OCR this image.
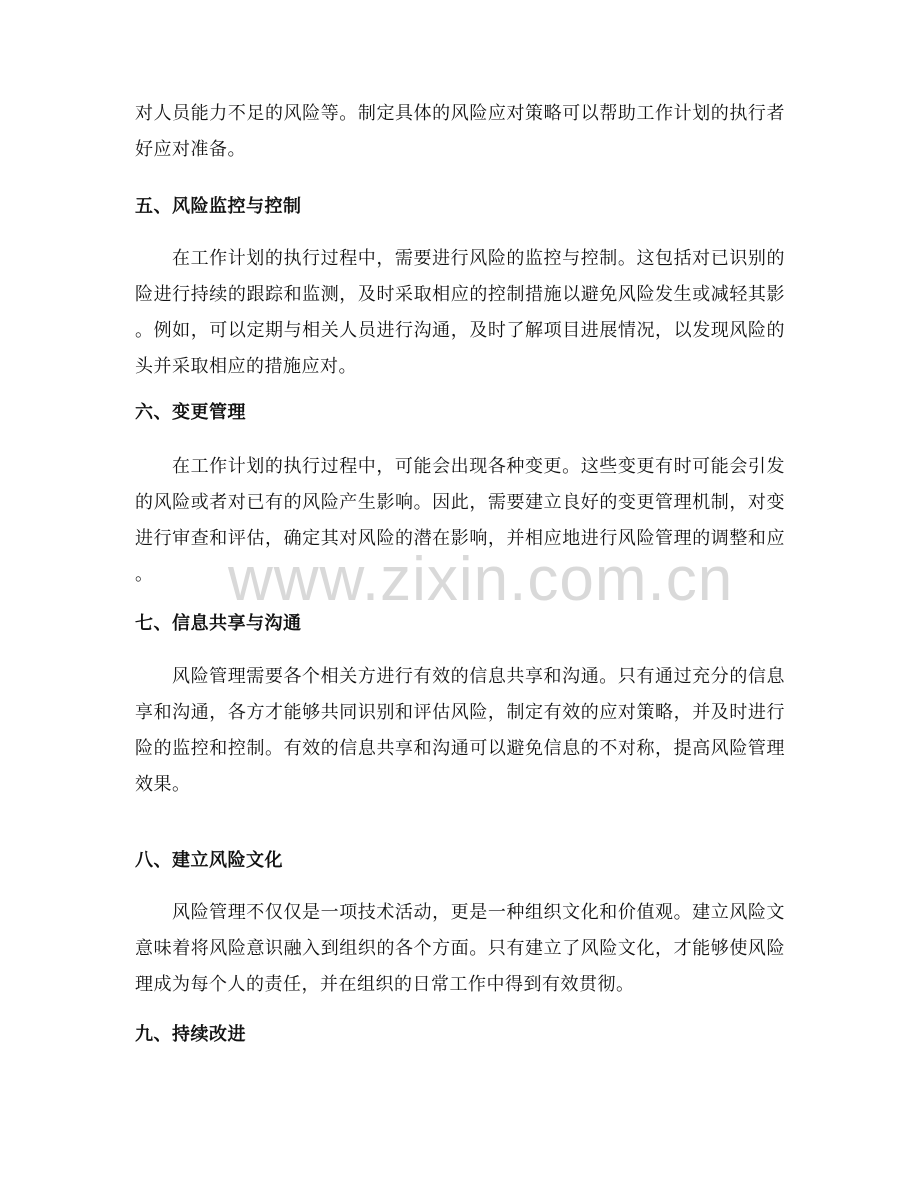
www.zixin.com.cn
对人员能力不足的风险等。制定具体的风险应对策略可以帮助工作计划的执行者
好应对准备。
五、风险监控与控制
在工作计划的执行过程中，需要进行风险的监控与控制。这包括对已识别的
险进行持续的跟踪和监测，及时采取相应的控制措施以避免风险发生或减轻其影
。例如，可以定期与相关人员进行沟通，及时了解项目进展情况，以发现风险的
头并采取相应的措施应对。
六、变更管理
在工作计划的执行过程中，可能会出现各种变更。这些变更有时可能会引发
的风险或者对已有的风险产生影响。因此，需要建立良好的变更管理机制，对变
进行审查和评估，确定其对风险的潜在影响，并相应地进行风险管理的调整和应
。
七、信息共享与沟通
风险管理需要各个相关方进行有效的信息共享和沟通。只有通过充分的信息
享和沟通，各方才能够共同识别和评估风险，制定有效的应对策略，并及时进行
险的监控和控制。有效的信息共享和沟通可以避免信息的不对称，提高风险管理
效果。
八、建立风险文化
风险管理不仅仅是一项技术活动，更是一种组织文化和价值观。建立风险文
意味着将风险意识融入到组织的各个方面。只有建立了风险文化，才能够使风险
理成为每个人的责任，并在组织的日常工作中得到有效贯彻。
九、持续改进
